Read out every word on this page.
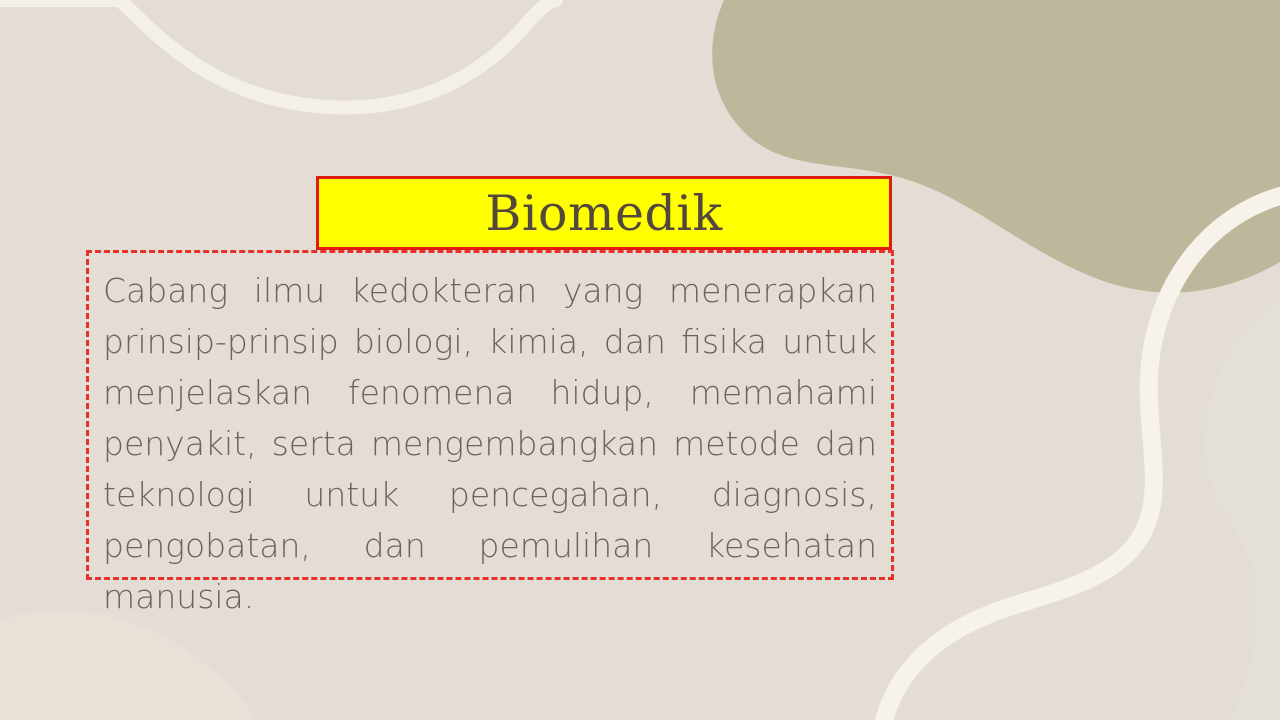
Biomedik

Cabang ilmu kedokteran yang menerapkan prinsip-prinsip biologi, kimia, dan fisika untuk menjelaskan fenomena hidup, memahami penyakit, serta mengembangkan metode dan teknologi untuk pencegahan, diagnosis, pengobatan, dan pemulihan kesehatan manusia.
